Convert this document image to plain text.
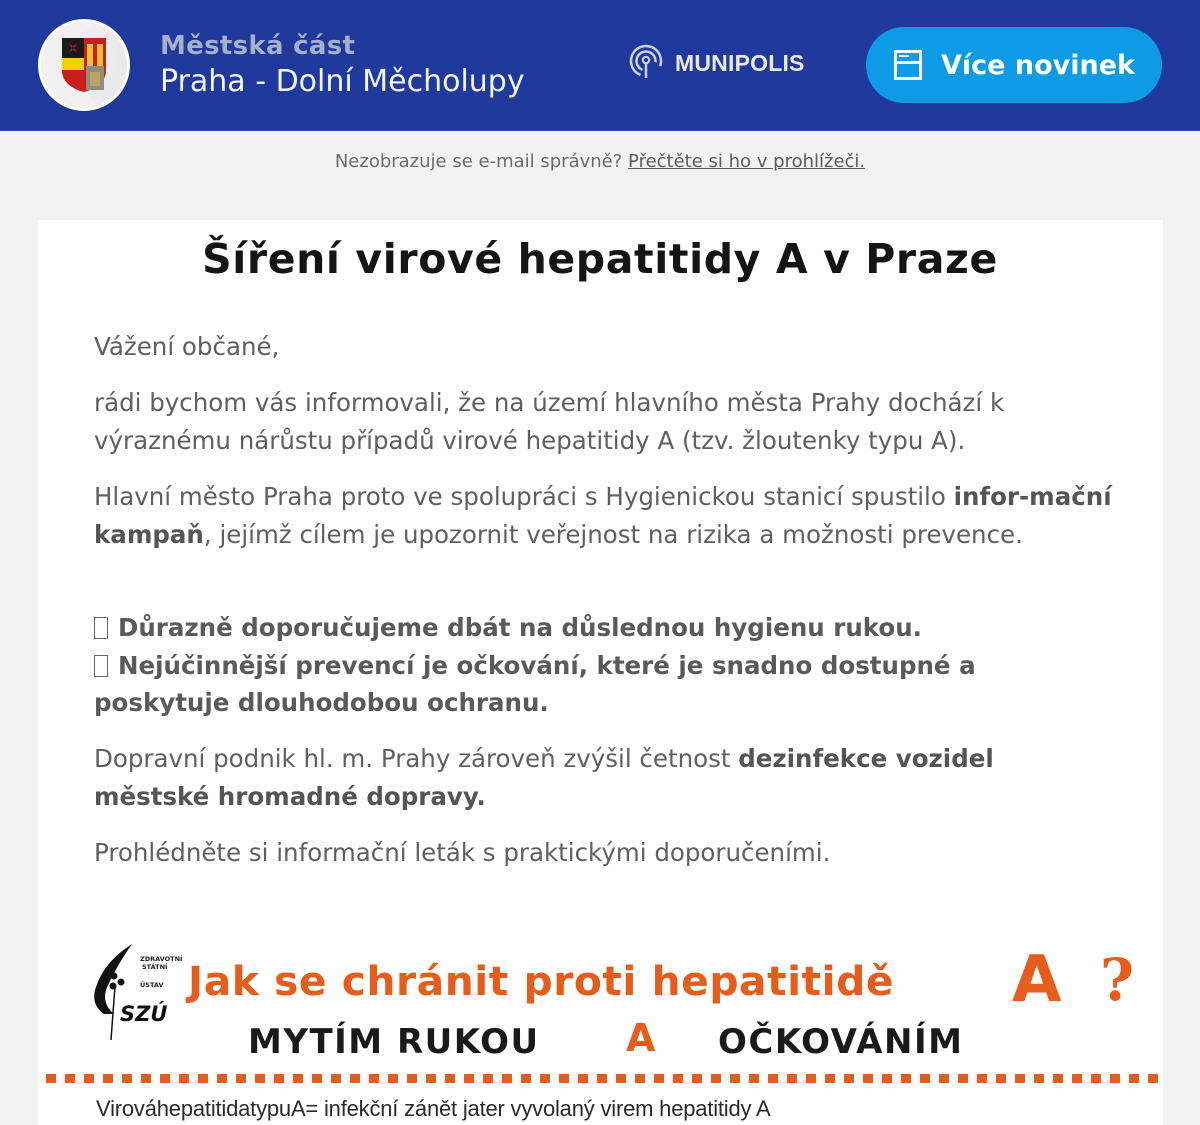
Městská část
Praha - Dolní Měcholupy
MUNIPOLIS	Více novinek
Nezobrazuje se e-mail správně? Přečtěte si ho v prohlížeči.
Šíření virové hepatitidy A v Praze

Vážení občané,

rádi bychom vás informovali, že na území hlavního města Prahy dochází k výraznému nárůstu případů virové hepatitidy A (tzv. žloutenky typu A).

Hlavní město Praha proto ve spolupráci s Hygienickou stanicí spustilo infor-mační kampaň, jejímž cílem je upozornit veřejnost na rizika a možnosti prevence.

Důrazně doporučujeme dbát na důslednou hygienu rukou.
Nejúčinnější prevencí je očkování, které je snadno dostupné a poskytuje dlouhodobou ochranu.

Dopravní podnik hl. m. Prahy zároveň zvýšil četnost dezinfekce vozidel městské hromadné dopravy.

Prohlédněte si informační leták s praktickými doporučeními.

ZDRAVOTNÍ
STÁTNÍ
ÚSTAV
SZÚ
Jak se chránit proti hepatitidě A ?
MYTÍM RUKOU A OČKOVÁNÍM
VirováhepatitidatypuA= infekční zánět jater vyvolaný virem hepatitidy A
